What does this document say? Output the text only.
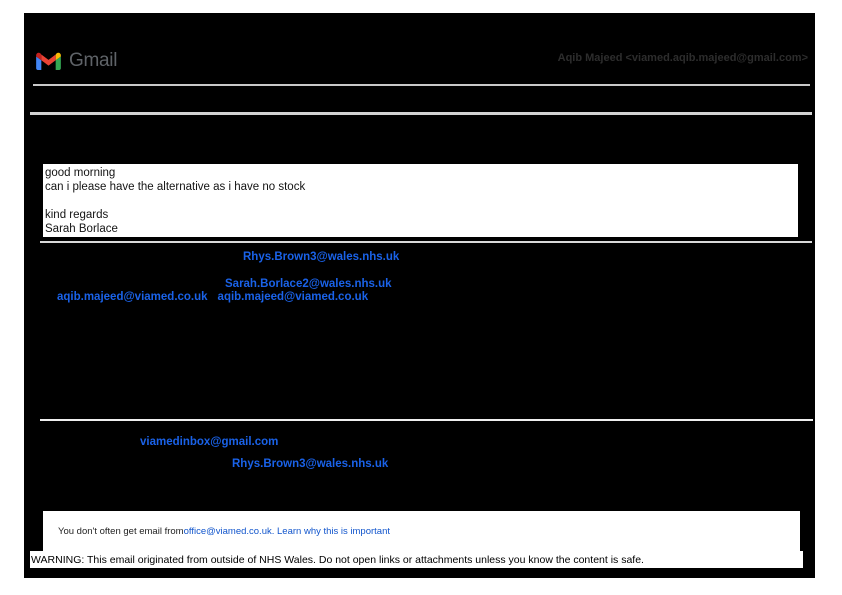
Gmail	Aqib Majeed <viamed.aqib.majeed@gmail.com>
good morning
can i please have the alternative as i have no stock
kind regards
Sarah Borlace
Rhys.Brown3@wales.nhs.uk
Sarah.Borlace2@wales.nhs.uk
aqib.majeed@viamed.co.uk aqib.majeed@viamed.co.uk
viamedinbox@gmail.com
Rhys.Brown3@wales.nhs.uk
You don't often get email from office@viamed.co.uk.
Learn why this is important
WARNING: This email originated from outside of NHS Wales. Do not open links or attachments unless you know the content is safe.
